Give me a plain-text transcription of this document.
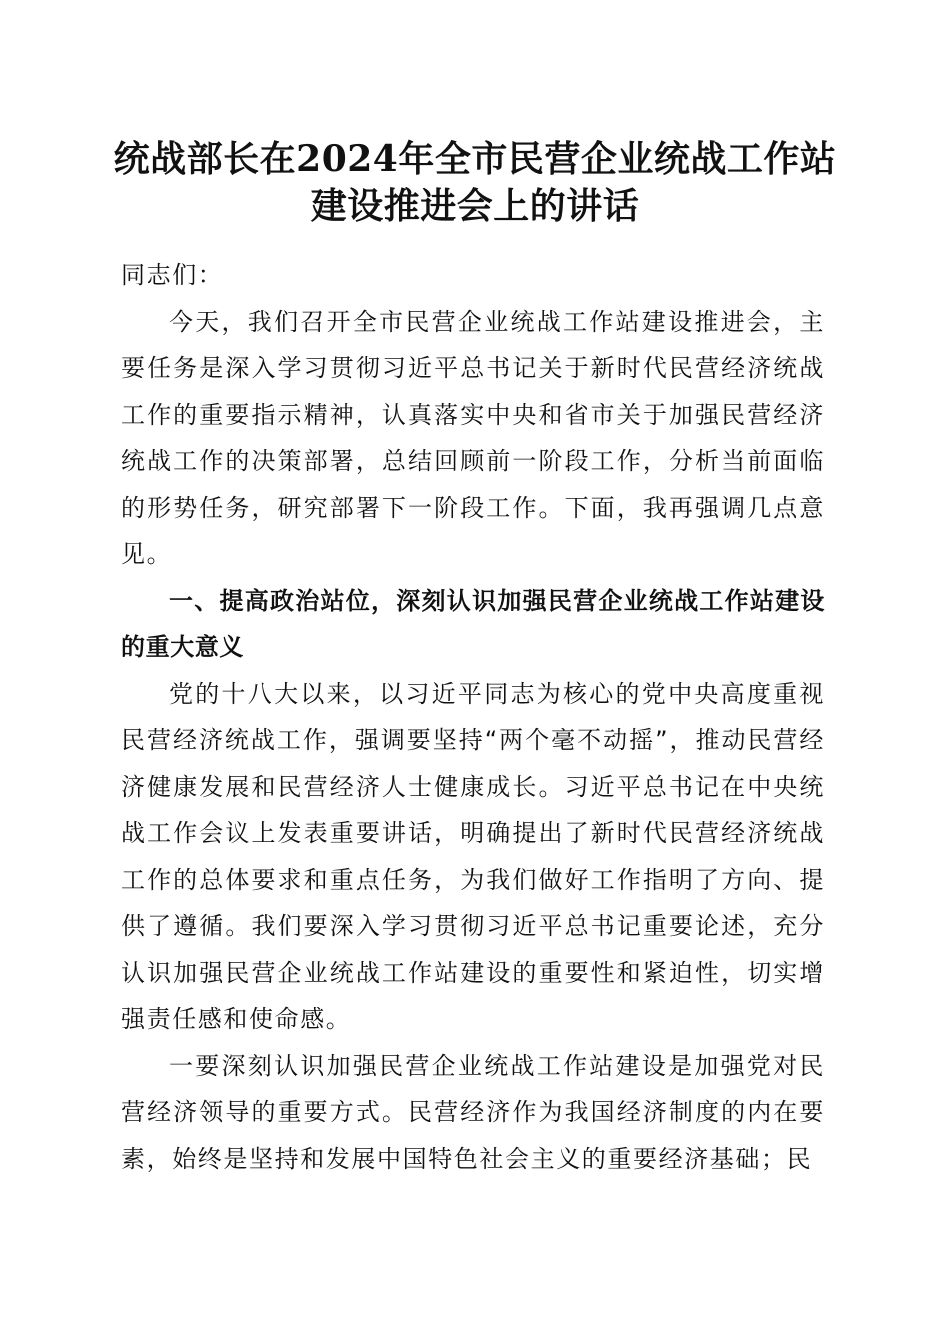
统战部长在2024年全市民营企业统战工作站
建设推进会上的讲话

同志们：

今天，我们召开全市民营企业统战工作站建设推进会，主要任务是深入学习贯彻习近平总书记关于新时代民营经济统战工作的重要指示精神，认真落实中央和省市关于加强民营经济统战工作的决策部署，总结回顾前一阶段工作，分析当前面临的形势任务，研究部署下一阶段工作。下面，我再强调几点意见。

一、提高政治站位，深刻认识加强民营企业统战工作站建设的重大意义

党的十八大以来，以习近平同志为核心的党中央高度重视民营经济统战工作，强调要坚持“两个毫不动摇”，推动民营经济健康发展和民营经济人士健康成长。习近平总书记在中央统战工作会议上发表重要讲话，明确提出了新时代民营经济统战工作的总体要求和重点任务，为我们做好工作指明了方向、提供了遵循。我们要深入学习贯彻习近平总书记重要论述，充分认识加强民营企业统战工作站建设的重要性和紧迫性，切实增强责任感和使命感。

一要深刻认识加强民营企业统战工作站建设是加强党对民营经济领导的重要方式。民营经济作为我国经济制度的内在要素，始终是坚持和发展中国特色社会主义的重要经济基础；民
